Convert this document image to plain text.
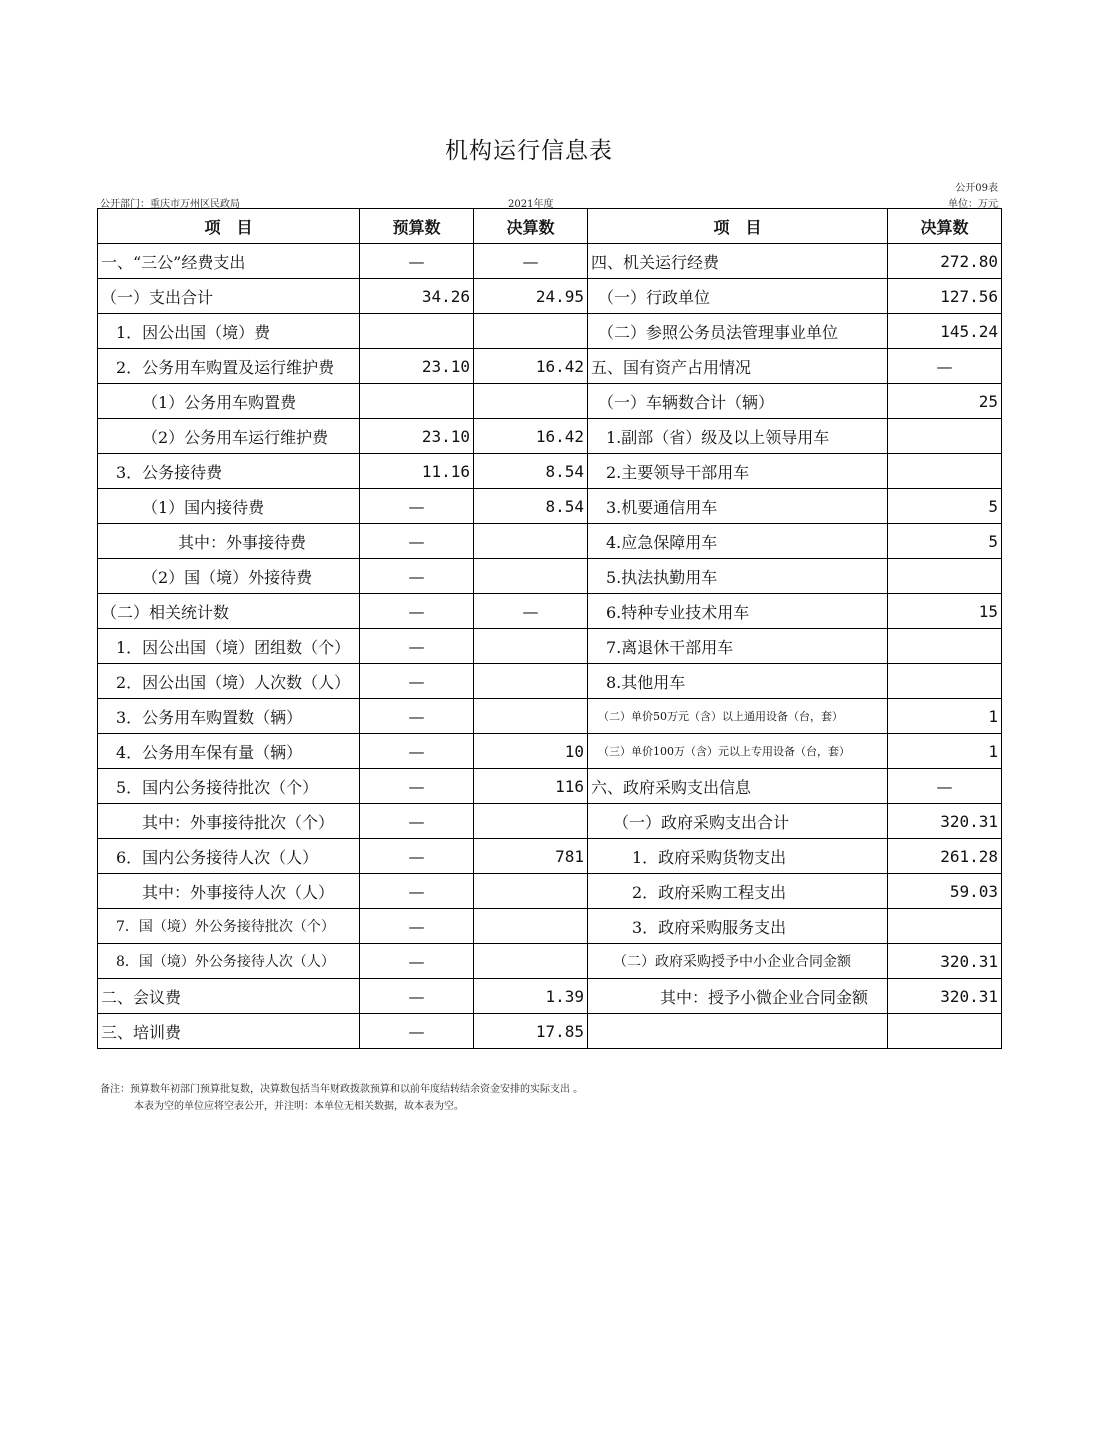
机构运行信息表
公开09表
公开部门：重庆市万州区民政局	2021年度	单位：万元
项　目	预算数	决算数	项　目	决算数
一、“三公”经费支出	—	—	四、机关运行经费	272.80
（一）支出合计	34.26	24.95	（一）行政单位	127.56
1．因公出国（境）费			（二）参照公务员法管理事业单位	145.24
2．公务用车购置及运行维护费	23.10	16.42	五、国有资产占用情况	—
（1）公务用车购置费			（一）车辆数合计（辆）	25
（2）公务用车运行维护费	23.10	16.42	1.副部（省）级及以上领导用车	
3．公务接待费	11.16	8.54	2.主要领导干部用车	
（1）国内接待费	—	8.54	3.机要通信用车	5
其中：外事接待费	—		4.应急保障用车	5
（2）国（境）外接待费	—		5.执法执勤用车	
（二）相关统计数	—	—	6.特种专业技术用车	15
1．因公出国（境）团组数（个）	—		7.离退休干部用车	
2．因公出国（境）人次数（人）	—		8.其他用车	
3．公务用车购置数（辆）	—		（二）单价50万元（含）以上通用设备（台，套）	1
4．公务用车保有量（辆）	—	10	（三）单价100万（含）元以上专用设备（台，套）	1
5．国内公务接待批次（个）	—	116	六、政府采购支出信息	—
其中：外事接待批次（个）	—		（一）政府采购支出合计	320.31
6．国内公务接待人次（人）	—	781	1．政府采购货物支出	261.28
其中：外事接待人次（人）	—		2．政府采购工程支出	59.03
7．国（境）外公务接待批次（个）	—		3．政府采购服务支出	
8．国（境）外公务接待人次（人）	—		（二）政府采购授予中小企业合同金额	320.31
二、会议费	—	1.39	其中：授予小微企业合同金额	320.31
三、培训费	—	17.85		
备注：预算数年初部门预算批复数，决算数包括当年财政拨款预算和以前年度结转结余资金安排的实际支出 。
本表为空的单位应将空表公开，并注明：本单位无相关数据，故本表为空。
